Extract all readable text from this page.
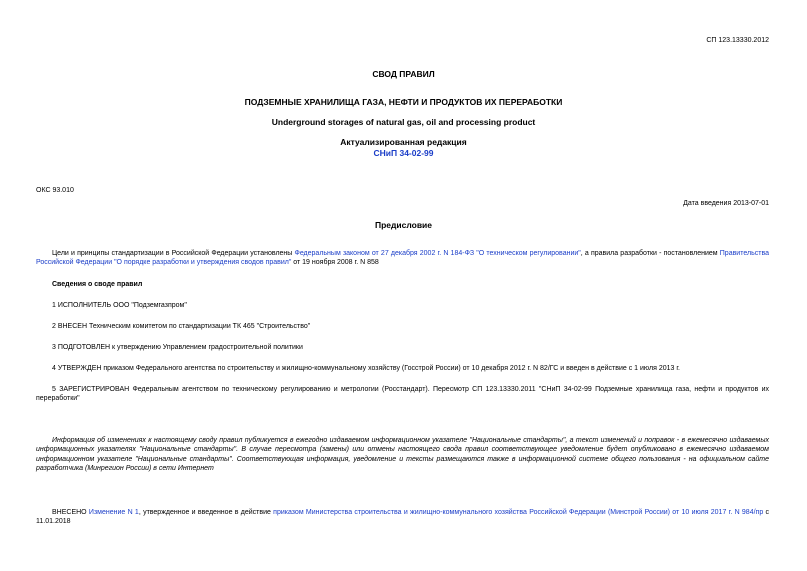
СП 123.13330.2012
СВОД ПРАВИЛ
ПОДЗЕМНЫЕ ХРАНИЛИЩА ГАЗА, НЕФТИ И ПРОДУКТОВ ИХ ПЕРЕРАБОТКИ
Underground storages of natural gas, oil and processing product
Актуализированная редакция
СНиП 34-02-99
ОКС 93.010
Дата введения 2013-07-01
Предисловие
Цели и принципы стандартизации в Российской Федерации установлены Федеральным законом от 27 декабря 2002 г. N 184-ФЗ "О техническом регулировании", а правила разработки - постановлением Правительства Российской Федерации "О порядке разработки и утверждения сводов правил" от 19 ноября 2008 г. N 858
Сведения о своде правил
1 ИСПОЛНИТЕЛЬ ООО "Подземгазпром"
2 ВНЕСЕН Техническим комитетом по стандартизации ТК 465 "Строительство"
3 ПОДГОТОВЛЕН к утверждению Управлением градостроительной политики
4 УТВЕРЖДЕН приказом Федерального агентства по строительству и жилищно-коммунальному хозяйству (Госстрой России) от 10 декабря 2012 г. N 82/ГС и введен в действие с 1 июля 2013 г.
5 ЗАРЕГИСТРИРОВАН Федеральным агентством по техническому регулированию и метрологии (Росстандарт). Пересмотр СП 123.13330.2011 "СНиП 34-02-99 Подземные хранилища газа, нефти и продуктов их переработки"
Информация об изменениях к настоящему своду правил публикуется в ежегодно издаваемом информационном указателе "Национальные стандарты", а текст изменений и поправок - в ежемесячно издаваемых информационных указателях "Национальные стандарты". В случае пересмотра (замены) или отмены настоящего свода правил соответствующее уведомление будет опубликовано в ежемесячно издаваемом информационном указателе "Национальные стандарты". Соответствующая информация, уведомление и тексты размещаются также в информационной системе общего пользования - на официальном сайте разработчика (Минрегион России) в сети Интернет
ВНЕСЕНО Изменение N 1, утвержденное и введенное в действие приказом Министерства строительства и жилищно-коммунального хозяйства Российской Федерации (Минстрой России) от 10 июля 2017 г. N 984/пр с 11.01.2018
